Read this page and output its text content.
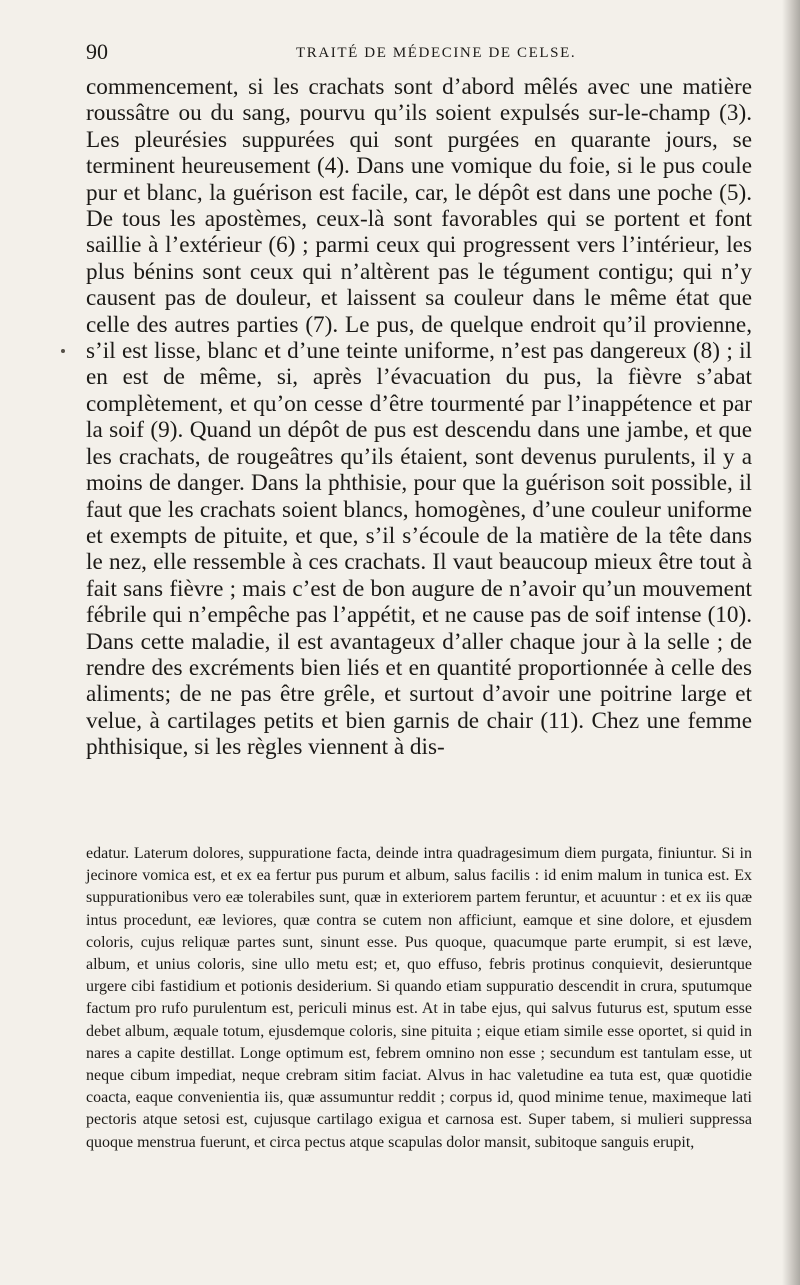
90	TRAITÉ DE MÉDECINE DE CELSE.

commencement, si les crachats sont d’abord mêlés avec une matière roussâtre ou du sang, pourvu qu’ils soient expulsés sur-le-champ (3). Les pleurésies suppurées qui sont purgées en quarante jours, se terminent heureusement (4). Dans une vomique du foie, si le pus coule pur et blanc, la guérison est facile, car, le dépôt est dans une poche (5). De tous les apostèmes, ceux-là sont favorables qui se portent et font saillie à l’extérieur (6) ; parmi ceux qui progressent vers l’intérieur, les plus bénins sont ceux qui n’altèrent pas le tégument contigu; qui n’y causent pas de douleur, et laissent sa couleur dans le même état que celle des autres parties (7). Le pus, de quelque endroit qu’il provienne, s’il est lisse, blanc et d’une teinte uniforme, n’est pas dangereux (8) ; il en est de même, si, après l’évacuation du pus, la fièvre s’abat complètement, et qu’on cesse d’être tourmenté par l’inappétence et par la soif (9). Quand un dépôt de pus est descendu dans une jambe, et que les crachats, de rougeâtres qu’ils étaient, sont devenus purulents, il y a moins de danger. Dans la phthisie, pour que la guérison soit possible, il faut que les crachats soient blancs, homogènes, d’une couleur uniforme et exempts de pituite, et que, s’il s’écoule de la matière de la tête dans le nez, elle ressemble à ces crachats. Il vaut beaucoup mieux être tout à fait sans fièvre ; mais c’est de bon augure de n’avoir qu’un mouvement fébrile qui n’empêche pas l’appétit, et ne cause pas de soif intense (10). Dans cette maladie, il est avantageux d’aller chaque jour à la selle ; de rendre des excréments bien liés et en quantité proportionnée à celle des aliments; de ne pas être grêle, et surtout d’avoir une poitrine large et velue, à cartilages petits et bien garnis de chair (11). Chez une femme phthisique, si les règles viennent à dis-

edatur. Laterum dolores, suppuratione facta, deinde intra quadragesimum diem purgata, finiuntur. Si in jecinore vomica est, et ex ea fertur pus purum et album, salus facilis : id enim malum in tunica est. Ex suppurationibus vero eæ tolerabiles sunt, quæ in exteriorem partem feruntur, et acuuntur : et ex iis quæ intus procedunt, eæ leviores, quæ contra se cutem non afficiunt, eamque et sine dolore, et ejusdem coloris, cujus reliquæ partes sunt, sinunt esse. Pus quoque, quacumque parte erumpit, si est læve, album, et unius coloris, sine ullo metu est; et, quo effuso, febris protinus conquievit, desieruntque urgere cibi fastidium et potionis desiderium. Si quando etiam suppuratio descendit in crura, sputumque factum pro rufo purulentum est, periculi minus est. At in tabe ejus, qui salvus futurus est, sputum esse debet album, æquale totum, ejusdemque coloris, sine pituita ; eique etiam simile esse oportet, si quid in nares a capite destillat. Longe optimum est, febrem omnino non esse ; secundum est tantulam esse, ut neque cibum impediat, neque crebram sitim faciat. Alvus in hac valetudine ea tuta est, quæ quotidie coacta, eaque convenientia iis, quæ assumuntur reddit ; corpus id, quod minime tenue, maximeque lati pectoris atque setosi est, cujusque cartilago exigua et carnosa est. Super tabem, si mulieri suppressa quoque menstrua fuerunt, et circa pectus atque scapulas dolor mansit, subitoque sanguis erupit,
